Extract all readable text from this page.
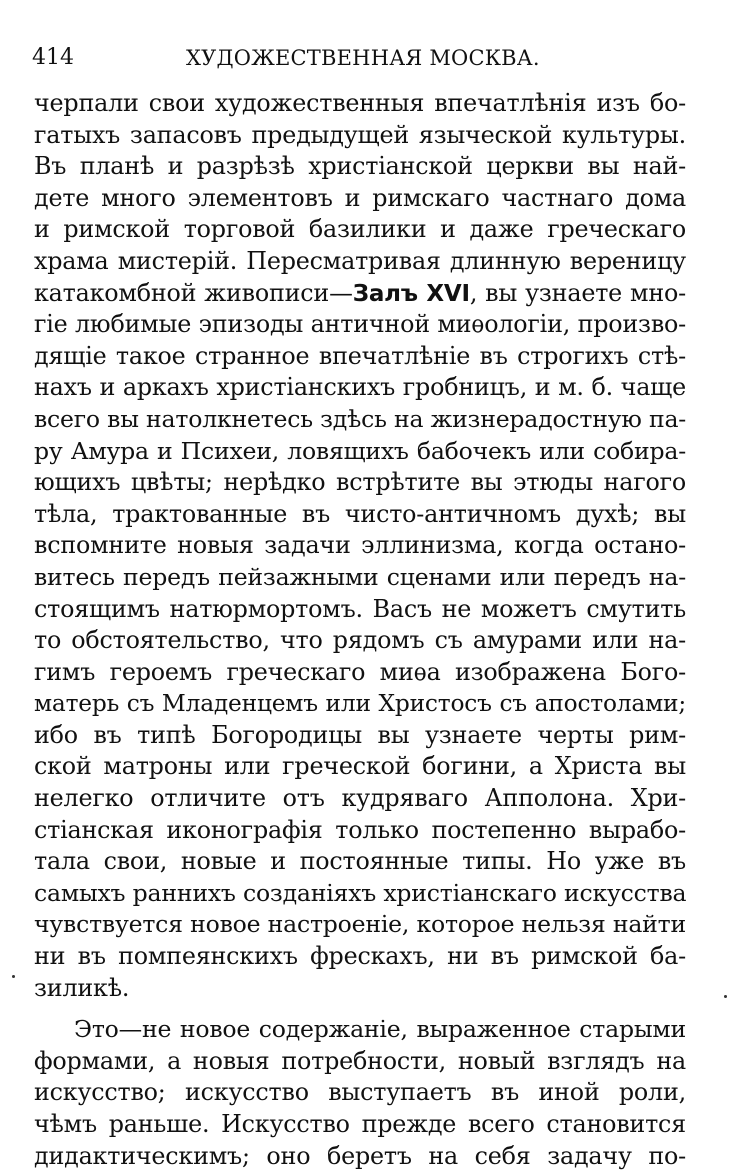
414	ХУДОЖЕСТВЕННАЯ МОСКВА.
черпали свои художественныя впечатлѣнія изъ бо-
гатыхъ запасовъ предыдущей языческой культуры.
Въ планѣ и разрѣзѣ христіанской церкви вы най-
дете много элементовъ и римскаго частнаго дома
и римской торговой базилики и даже греческаго
храма мистерій. Пересматривая длинную вереницу
катакомбной живописи—Залъ XVI, вы узнаете мно-
гіе любимые эпизоды античной миѳологіи, произво-
дящіе такое странное впечатлѣніе въ строгихъ стѣ-
нахъ и аркахъ христіанскихъ гробницъ, и м. б. чаще
всего вы натолкнетесь здѣсь на жизнерадостную па-
ру Амура и Психеи, ловящихъ бабочекъ или собира-
ющихъ цвѣты; нерѣдко встрѣтите вы этюды нагого
тѣла, трактованные въ чисто-античномъ духѣ; вы
вспомните новыя задачи эллинизма, когда остано-
витесь передъ пейзажными сценами или передъ на-
стоящимъ натюрмортомъ. Васъ не можетъ смутить
то обстоятельство, что рядомъ съ амурами или на-
гимъ героемъ греческаго миѳа изображена Бого-
матерь съ Младенцемъ или Христосъ съ апостолами;
ибо въ типѣ Богородицы вы узнаете черты рим-
ской матроны или греческой богини, а Христа вы
нелегко отличите отъ кудряваго Апполона. Хри-
стіанская иконографія только постепенно вырабо-
тала свои, новые и постоянные типы. Но уже въ
самыхъ раннихъ созданіяхъ христіанскаго искусства
чувствуется новое настроеніе, которое нельзя найти
ни въ помпеянскихъ фрескахъ, ни въ римской ба-
зиликѣ.
Это—не новое содержаніе, выраженное старыми
формами, а новыя потребности, новый взглядъ на
искусство; искусство выступаетъ въ иной роли,
чѣмъ раньше. Искусство прежде всего становится
дидактическимъ; оно беретъ на себя задачу по-
